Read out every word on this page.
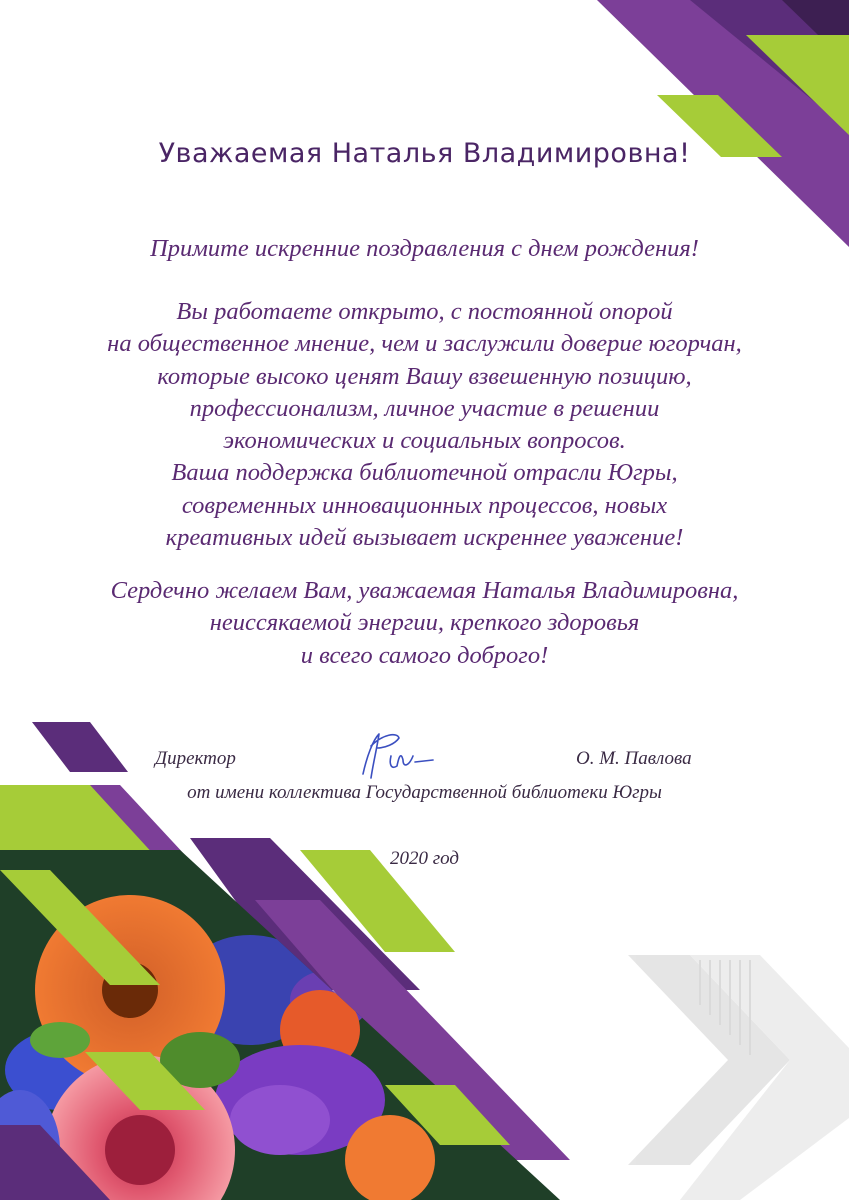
Уважаемая Наталья Владимировна!

Примите искренние поздравления с днем рождения!

Вы работаете открыто, с постоянной опорой

на общественное мнение, чем и заслужили доверие югорчан,

которые высоко ценят Вашу взвешенную позицию,

профессионализм, личное участие в решении

экономических и социальных вопросов.

Ваша поддержка библиотечной отрасли Югры,

современных инновационных процессов, новых

креативных идей вызывает искреннее уважение!

Сердечно желаем Вам, уважаемая Наталья Владимировна,

неиссякаемой энергии, крепкого здоровья

и всего самого доброго!

Директор	О. М. Павлова
от имени коллектива Государственной библиотеки Югры
2020 год
